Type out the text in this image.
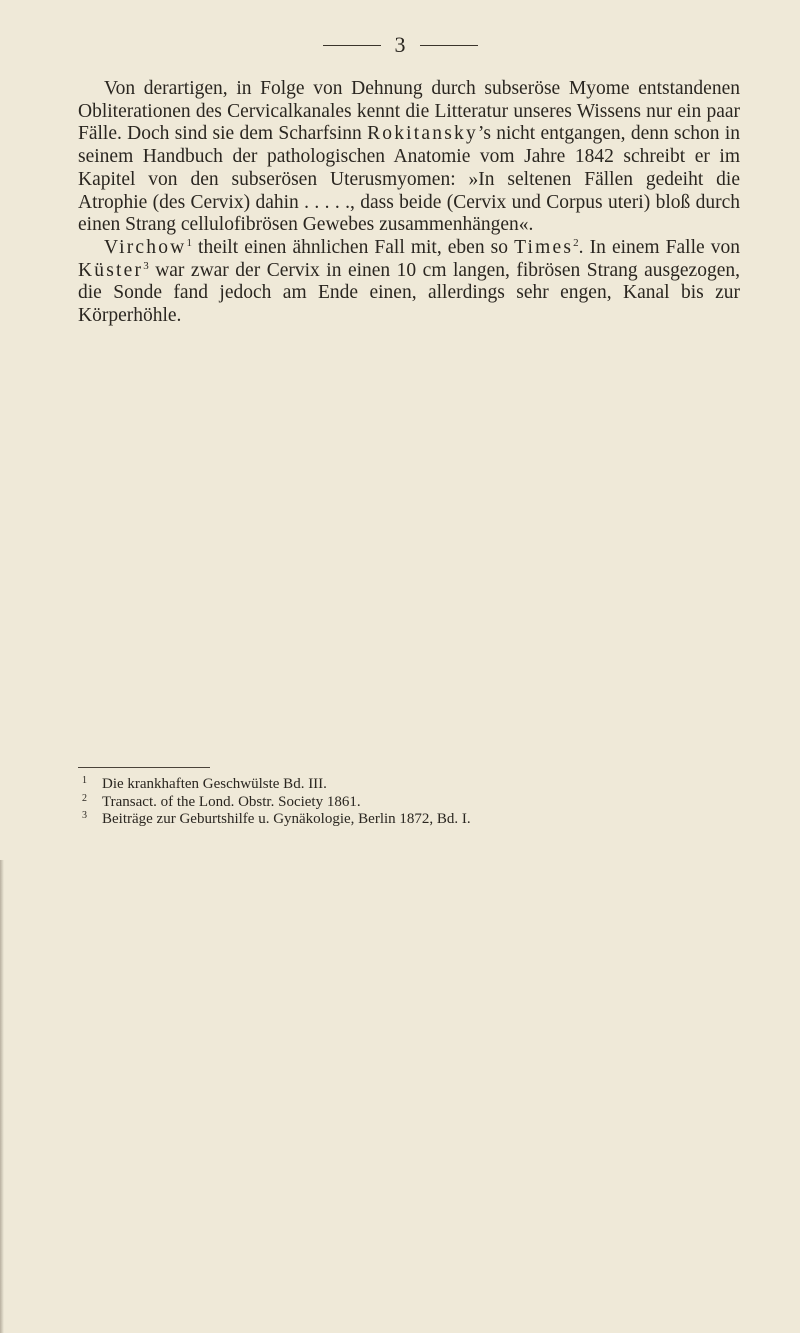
3

Von derartigen, in Folge von Dehnung durch subseröse Myome entstandenen Obliterationen des Cervicalkanales kennt die Litteratur unseres Wissens nur ein paar Fälle. Doch sind sie dem Scharfsinn Rokitansky’s nicht entgangen, denn schon in seinem Handbuch der pathologischen Anatomie vom Jahre 1842 schreibt er im Kapitel von den subserösen Uterusmyomen: »In seltenen Fällen gedeiht die Atrophie (des Cervix) dahin . . . . ., dass beide (Cervix und Corpus uteri) bloß durch einen Strang cellulofibrösen Gewebes zusammenhängen«.

Virchow$^1$ theilt einen ähnlichen Fall mit, eben so Times$^2$. In einem Falle von Küster$^3$ war zwar der Cervix in einen 10 cm langen, fibrösen Strang ausgezogen, die Sonde fand jedoch am Ende einen, allerdings sehr engen, Kanal bis zur Körperhöhle.

1 Die krankhaften Geschwülste Bd. III.

2 Transact. of the Lond. Obstr. Society 1861.

3 Beiträge zur Geburtshilfe u. Gynäkologie, Berlin 1872, Bd. I.
